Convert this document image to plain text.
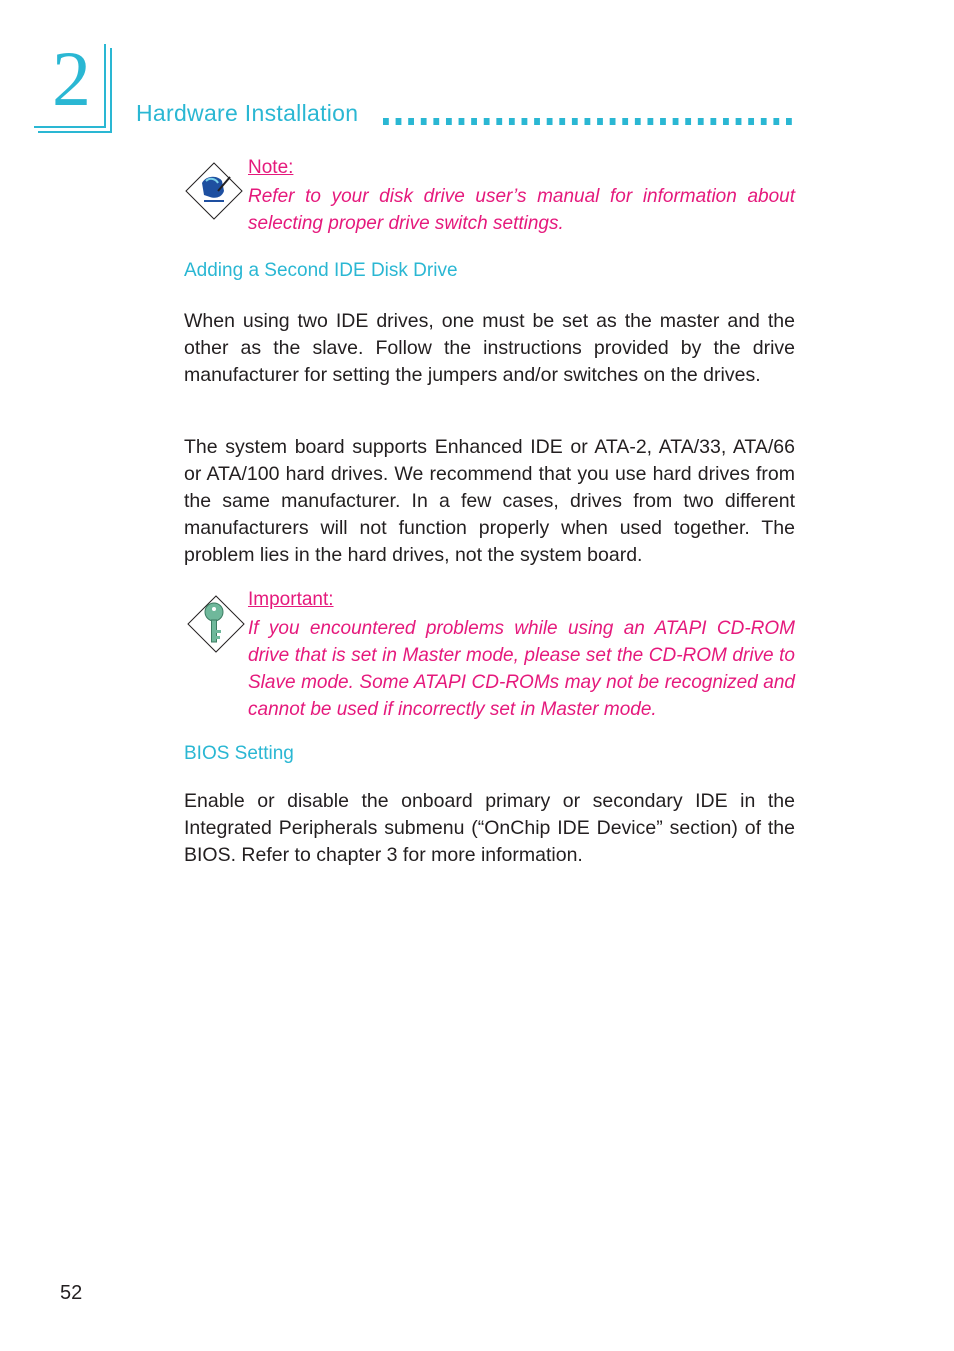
2 Hardware Installation
Note:
Refer to your disk drive user’s manual for information about selecting proper drive switch settings.
Adding a Second IDE Disk Drive
When using two IDE drives, one must be set as the master and the other as the slave. Follow the instructions provided by the drive manufacturer for setting the jumpers and/or switches on the drives.
The system board supports Enhanced IDE or ATA-2, ATA/33, ATA/66 or ATA/100 hard drives. We recommend that you use hard drives from the same manufacturer. In a few cases, drives from two different manufacturers will not function properly when used together. The problem lies in the hard drives, not the system board.
Important:
If you encountered problems while using an ATAPI CD-ROM drive that is set in Master mode, please set the CD-ROM drive to Slave mode. Some ATAPI CD-ROMs may not be recognized and cannot be used if incorrectly set in Master mode.
BIOS Setting
Enable or disable the onboard primary or secondary IDE in the Integrated Peripherals submenu (“OnChip IDE Device” section) of the BIOS. Refer to chapter 3 for more information.
52
